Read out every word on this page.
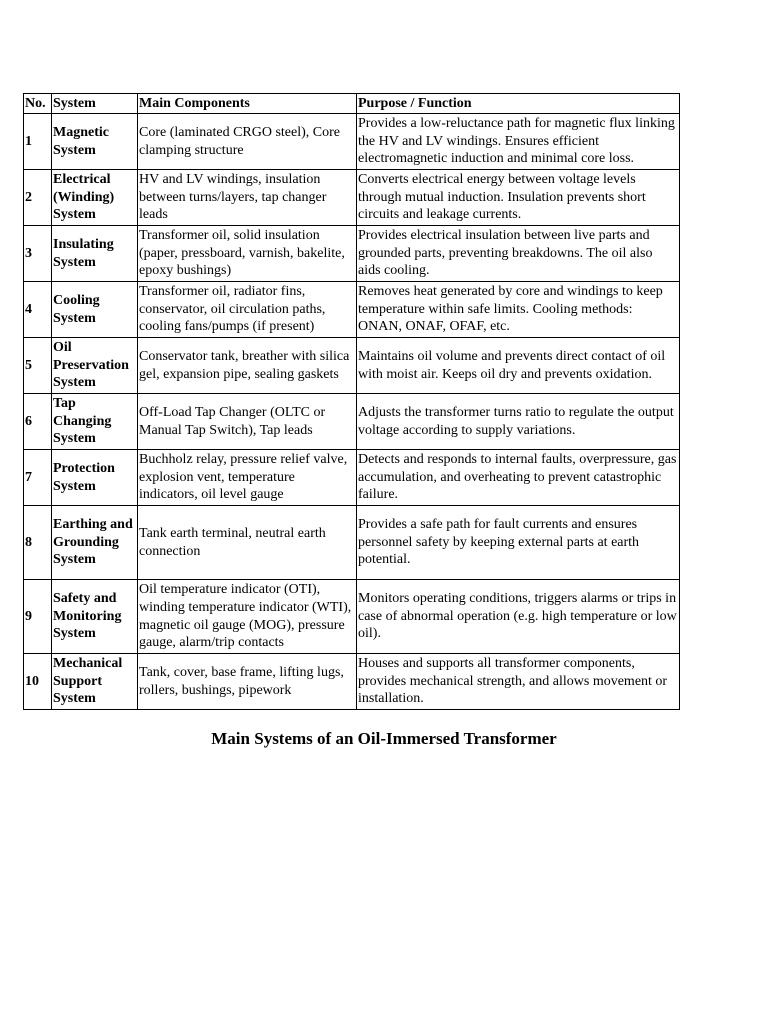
No.	System	Main Components	Purpose / Function
1	Magnetic System	Core (laminated CRGO steel), Core clamping structure	Provides a low-reluctance path for magnetic flux linking the HV and LV windings. Ensures efficient electromagnetic induction and minimal core loss.
2	Electrical (Winding) System	HV and LV windings, insulation between turns/layers, tap changer leads	Converts electrical energy between voltage levels through mutual induction. Insulation prevents short circuits and leakage currents.
3	Insulating System	Transformer oil, solid insulation (paper, pressboard, varnish, bakelite, epoxy bushings)	Provides electrical insulation between live parts and grounded parts, preventing breakdowns. The oil also aids cooling.
4	Cooling System	Transformer oil, radiator fins, conservator, oil circulation paths, cooling fans/pumps (if present)	Removes heat generated by core and windings to keep temperature within safe limits. Cooling methods: ONAN, ONAF, OFAF, etc.
5	Oil Preservation System	Conservator tank, breather with silica gel, expansion pipe, sealing gaskets	Maintains oil volume and prevents direct contact of oil with moist air. Keeps oil dry and prevents oxidation.
6	Tap Changing System	Off-Load Tap Changer (OLTC or Manual Tap Switch), Tap leads	Adjusts the transformer turns ratio to regulate the output voltage according to supply variations.
7	Protection System	Buchholz relay, pressure relief valve, explosion vent, temperature indicators, oil level gauge	Detects and responds to internal faults, overpressure, gas accumulation, and overheating to prevent catastrophic failure.
8	Earthing and Grounding System	Tank earth terminal, neutral earth connection	Provides a safe path for fault currents and ensures personnel safety by keeping external parts at earth potential.
9	Safety and Monitoring System	Oil temperature indicator (OTI), winding temperature indicator (WTI), magnetic oil gauge (MOG), pressure gauge, alarm/trip contacts	Monitors operating conditions, triggers alarms or trips in case of abnormal operation (e.g. high temperature or low oil).
10	Mechanical Support System	Tank, cover, base frame, lifting lugs, rollers, bushings, pipework	Houses and supports all transformer components, provides mechanical strength, and allows movement or installation.
Main Systems of an Oil-Immersed Transformer
